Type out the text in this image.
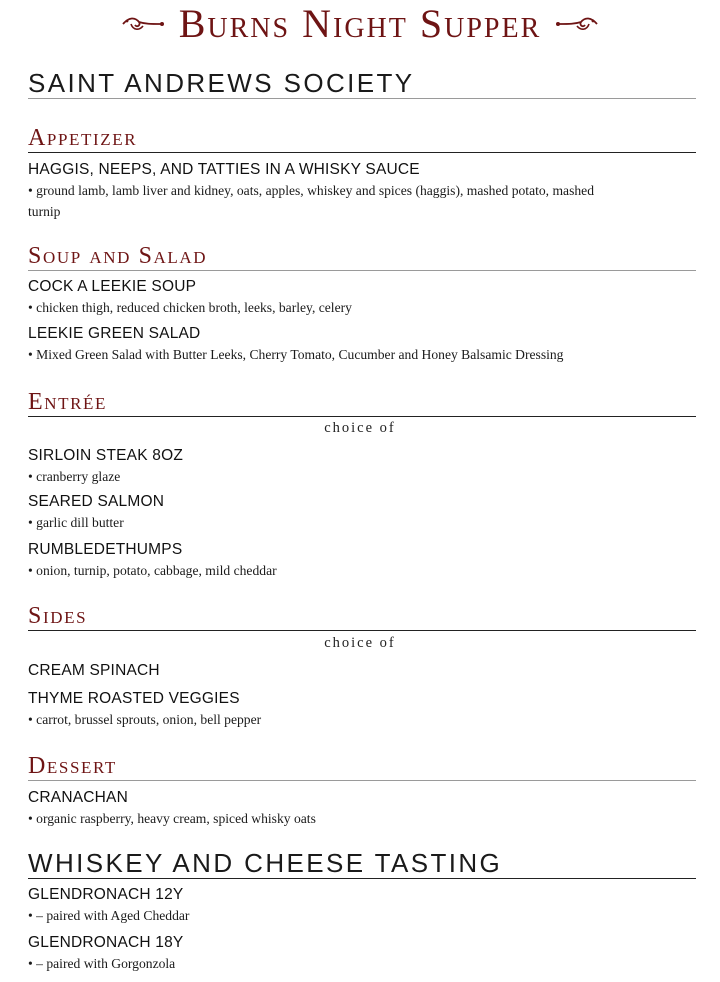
Burns Night Supper
SAINT ANDREWS SOCIETY
Appetizer
HAGGIS, NEEPS, AND TATTIES IN A WHISKY SAUCE
• ground lamb, lamb liver and kidney, oats, apples, whiskey and spices (haggis), mashed potato, mashed turnip
Soup and Salad
COCK A LEEKIE SOUP
• chicken thigh, reduced chicken broth, leeks, barley, celery
LEEKIE GREEN SALAD
• Mixed Green Salad with Butter Leeks, Cherry Tomato, Cucumber and Honey Balsamic Dressing
Entrée
choice of
SIRLOIN STEAK 8OZ
• cranberry glaze
SEARED SALMON
• garlic dill butter
RUMBLEDETHUMPS
• onion, turnip, potato, cabbage, mild cheddar
Sides
choice of
CREAM SPINACH
THYME ROASTED VEGGIES
• carrot, brussel sprouts, onion, bell pepper
Dessert
CRANACHAN
• organic raspberry, heavy cream, spiced whisky oats
WHISKEY AND CHEESE TASTING
GLENDRONACH 12Y
• – paired with Aged Cheddar
GLENDRONACH 18Y
• – paired with Gorgonzola
